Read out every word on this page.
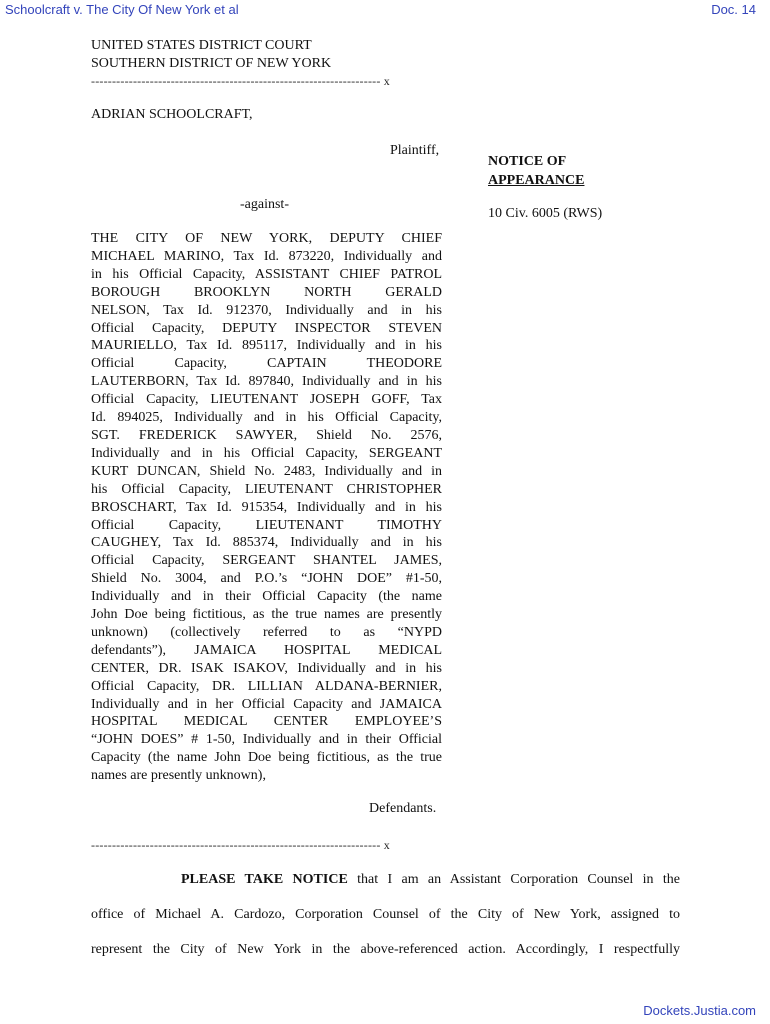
Schoolcraft v. The City Of New York et al	Doc. 14
UNITED STATES DISTRICT COURT
SOUTHERN DISTRICT OF NEW YORK
--------------------------------------------------------------------- x
ADRIAN SCHOOLCRAFT,
Plaintiff,
NOTICE OF
APPEARANCE
10 Civ. 6005 (RWS)
-against-
THE CITY OF NEW YORK, DEPUTY CHIEF
MICHAEL MARINO, Tax Id. 873220, Individually and
in his Official Capacity, ASSISTANT CHIEF PATROL
BOROUGH BROOKLYN NORTH GERALD
NELSON, Tax Id. 912370, Individually and in his
Official Capacity, DEPUTY INSPECTOR STEVEN
MAURIELLO, Tax Id. 895117, Individually and in his
Official Capacity, CAPTAIN THEODORE
LAUTERBORN, Tax Id. 897840, Individually and in his
Official Capacity, LIEUTENANT JOSEPH GOFF, Tax
Id. 894025, Individually and in his Official Capacity,
SGT. FREDERICK SAWYER, Shield No. 2576,
Individually and in his Official Capacity, SERGEANT
KURT DUNCAN, Shield No. 2483, Individually and in
his Official Capacity, LIEUTENANT CHRISTOPHER
BROSCHART, Tax Id. 915354, Individually and in his
Official Capacity, LIEUTENANT TIMOTHY
CAUGHEY, Tax Id. 885374, Individually and in his
Official Capacity, SERGEANT SHANTEL JAMES,
Shield No. 3004, and P.O.’s “JOHN DOE” #1-50,
Individually and in their Official Capacity (the name
John Doe being fictitious, as the true names are presently
unknown) (collectively referred to as “NYPD
defendants”), JAMAICA HOSPITAL MEDICAL
CENTER, DR. ISAK ISAKOV, Individually and in his
Official Capacity, DR. LILLIAN ALDANA-BERNIER,
Individually and in her Official Capacity and JAMAICA
HOSPITAL MEDICAL CENTER EMPLOYEE’S
“JOHN DOES” # 1-50, Individually and in their Official
Capacity (the name John Doe being fictitious, as the true
names are presently unknown),
Defendants.
--------------------------------------------------------------------- x
PLEASE TAKE NOTICE that I am an Assistant Corporation Counsel in the
office of Michael A. Cardozo, Corporation Counsel of the City of New York, assigned to
represent the City of New York in the above-referenced action. Accordingly, I respectfully
Dockets.Justia.com
